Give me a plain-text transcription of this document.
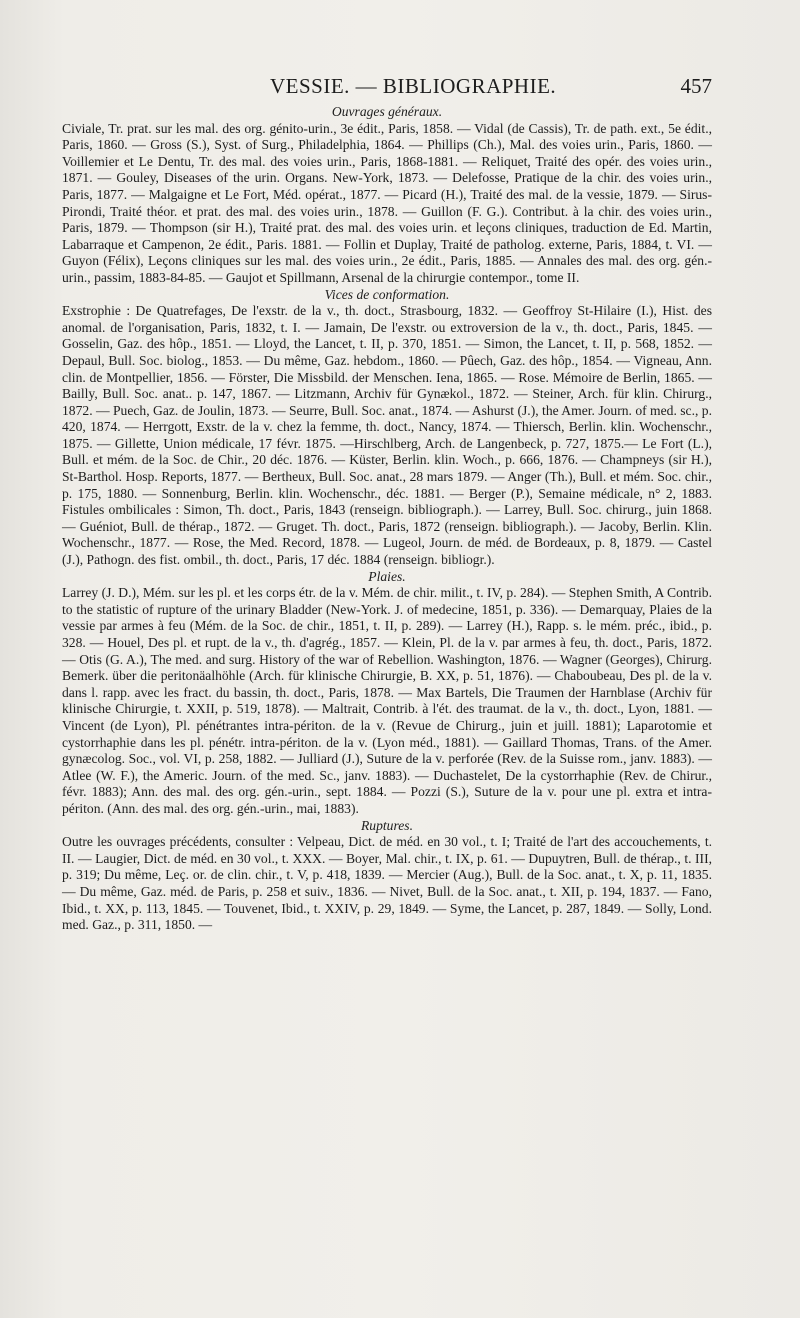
VESSIE. — BIBLIOGRAPHIE.	457

Ouvrages généraux.

Civiale, Tr. prat. sur les mal. des org. génito-urin., 3e édit., Paris, 1858. — Vidal (de Cassis), Tr. de path. ext., 5e édit., Paris, 1860. — Gross (S.), Syst. of Surg., Philadelphia, 1864. — Phillips (Ch.), Mal. des voies urin., Paris, 1860. — Voillemier et Le Dentu, Tr. des mal. des voies urin., Paris, 1868-1881. — Reliquet, Traité des opér. des voies urin., 1871. — Gouley, Diseases of the urin. Organs. New-York, 1873. — Delefosse, Pratique de la chir. des voies urin., Paris, 1877. — Malgaigne et Le Fort, Méd. opérat., 1877. — Picard (H.), Traité des mal. de la vessie, 1879. — Sirus-Pirondi, Traité théor. et prat. des mal. des voies urin., 1878. — Guillon (F. G.). Contribut. à la chir. des voies urin., Paris, 1879. — Thompson (sir H.), Traité prat. des mal. des voies urin. et leçons cliniques, traduction de Ed. Martin, Labarraque et Campenon, 2e édit., Paris. 1881. — Follin et Duplay, Traité de patholog. externe, Paris, 1884, t. VI. — Guyon (Félix), Leçons cliniques sur les mal. des voies urin., 2e édit., Paris, 1885. — Annales des mal. des org. gén.-urin., passim, 1883-84-85. — Gaujot et Spillmann, Arsenal de la chirurgie contempor., tome II.

Vices de conformation.

Exstrophie : De Quatrefages, De l'exstr. de la v., th. doct., Strasbourg, 1832. — Geoffroy St-Hilaire (I.), Hist. des anomal. de l'organisation, Paris, 1832, t. I. — Jamain, De l'exstr. ou extroversion de la v., th. doct., Paris, 1845. — Gosselin, Gaz. des hôp., 1851. — Lloyd, the Lancet, t. II, p. 370, 1851. — Simon, the Lancet, t. II, p. 568, 1852. — Depaul, Bull. Soc. biolog., 1853. — Du même, Gaz. hebdom., 1860. — Pûech, Gaz. des hôp., 1854. — Vigneau, Ann. clin. de Montpellier, 1856. — Förster, Die Missbild. der Menschen. Iena, 1865. — Rose. Mémoire de Berlin, 1865. — Bailly, Bull. Soc. anat.. p. 147, 1867. — Litzmann, Archiv für Gynækol., 1872. — Steiner, Arch. für klin. Chirurg., 1872. — Puech, Gaz. de Joulin, 1873. — Seurre, Bull. Soc. anat., 1874. — Ashurst (J.), the Amer. Journ. of med. sc., p. 420, 1874. — Herrgott, Exstr. de la v. chez la femme, th. doct., Nancy, 1874. — Thiersch, Berlin. klin. Wochenschr., 1875. — Gillette, Union médicale, 17 févr. 1875. —Hirschlberg, Arch. de Langenbeck, p. 727, 1875.— Le Fort (L.), Bull. et mém. de la Soc. de Chir., 20 déc. 1876. — Küster, Berlin. klin. Woch., p. 666, 1876. — Champneys (sir H.), St-Barthol. Hosp. Reports, 1877. — Bertheux, Bull. Soc. anat., 28 mars 1879. — Anger (Th.), Bull. et mém. Soc. chir., p. 175, 1880. — Sonnenburg, Berlin. klin. Wochenschr., déc. 1881. — Berger (P.), Semaine médicale, n° 2, 1883. Fistules ombilicales : Simon, Th. doct., Paris, 1843 (renseign. bibliograph.). — Larrey, Bull. Soc. chirurg., juin 1868. — Guéniot, Bull. de thérap., 1872. — Gruget. Th. doct., Paris, 1872 (renseign. bibliograph.). — Jacoby, Berlin. Klin. Wochenschr., 1877. — Rose, the Med. Record, 1878. — Lugeol, Journ. de méd. de Bordeaux, p. 8, 1879. — Castel (J.), Pathogn. des fist. ombil., th. doct., Paris, 17 déc. 1884 (renseign. bibliogr.).

Plaies.

Larrey (J. D.), Mém. sur les pl. et les corps étr. de la v. Mém. de chir. milit., t. IV, p. 284). — Stephen Smith, A Contrib. to the statistic of rupture of the urinary Bladder (New-York. J. of medecine, 1851, p. 336). — Demarquay, Plaies de la vessie par armes à feu (Mém. de la Soc. de chir., 1851, t. II, p. 289). — Larrey (H.), Rapp. s. le mém. préc., ibid., p. 328. — Houel, Des pl. et rupt. de la v., th. d'agrég., 1857. — Klein, Pl. de la v. par armes à feu, th. doct., Paris, 1872. — Otis (G. A.), The med. and surg. History of the war of Rebellion. Washington, 1876. — Wagner (Georges), Chirurg. Bemerk. über die peritonäalhöhle (Arch. für klinische Chirurgie, B. XX, p. 51, 1876). — Chaboubeau, Des pl. de la v. dans l. rapp. avec les fract. du bassin, th. doct., Paris, 1878. — Max Bartels, Die Traumen der Harnblase (Archiv für klinische Chirurgie, t. XXII, p. 519, 1878). — Maltrait, Contrib. à l'ét. des traumat. de la v., th. doct., Lyon, 1881. — Vincent (de Lyon), Pl. pénétrantes intra-périton. de la v. (Revue de Chirurg., juin et juill. 1881); Laparotomie et cystorrhaphie dans les pl. pénétr. intra-périton. de la v. (Lyon méd., 1881). — Gaillard Thomas, Trans. of the Amer. gynæcolog. Soc., vol. VI, p. 258, 1882. — Julliard (J.), Suture de la v. perforée (Rev. de la Suisse rom., janv. 1883). — Atlee (W. F.), the Americ. Journ. of the med. Sc., janv. 1883). — Duchastelet, De la cystorrhaphie (Rev. de Chirur., févr. 1883); Ann. des mal. des org. gén.-urin., sept. 1884. — Pozzi (S.), Suture de la v. pour une pl. extra et intra-périton. (Ann. des mal. des org. gén.-urin., mai, 1883).

Ruptures.

Outre les ouvrages précédents, consulter : Velpeau, Dict. de méd. en 30 vol., t. I; Traité de l'art des accouchements, t. II. — Laugier, Dict. de méd. en 30 vol., t. XXX. — Boyer, Mal. chir., t. IX, p. 61. — Dupuytren, Bull. de thérap., t. III, p. 319; Du même, Leç. or. de clin. chir., t. V, p. 418, 1839. — Mercier (Aug.), Bull. de la Soc. anat., t. X, p. 11, 1835. — Du même, Gaz. méd. de Paris, p. 258 et suiv., 1836. — Nivet, Bull. de la Soc. anat., t. XII, p. 194, 1837. — Fano, Ibid., t. XX, p. 113, 1845. — Touvenet, Ibid., t. XXIV, p. 29, 1849. — Syme, the Lancet, p. 287, 1849. — Solly, Lond. med. Gaz., p. 311, 1850. —
